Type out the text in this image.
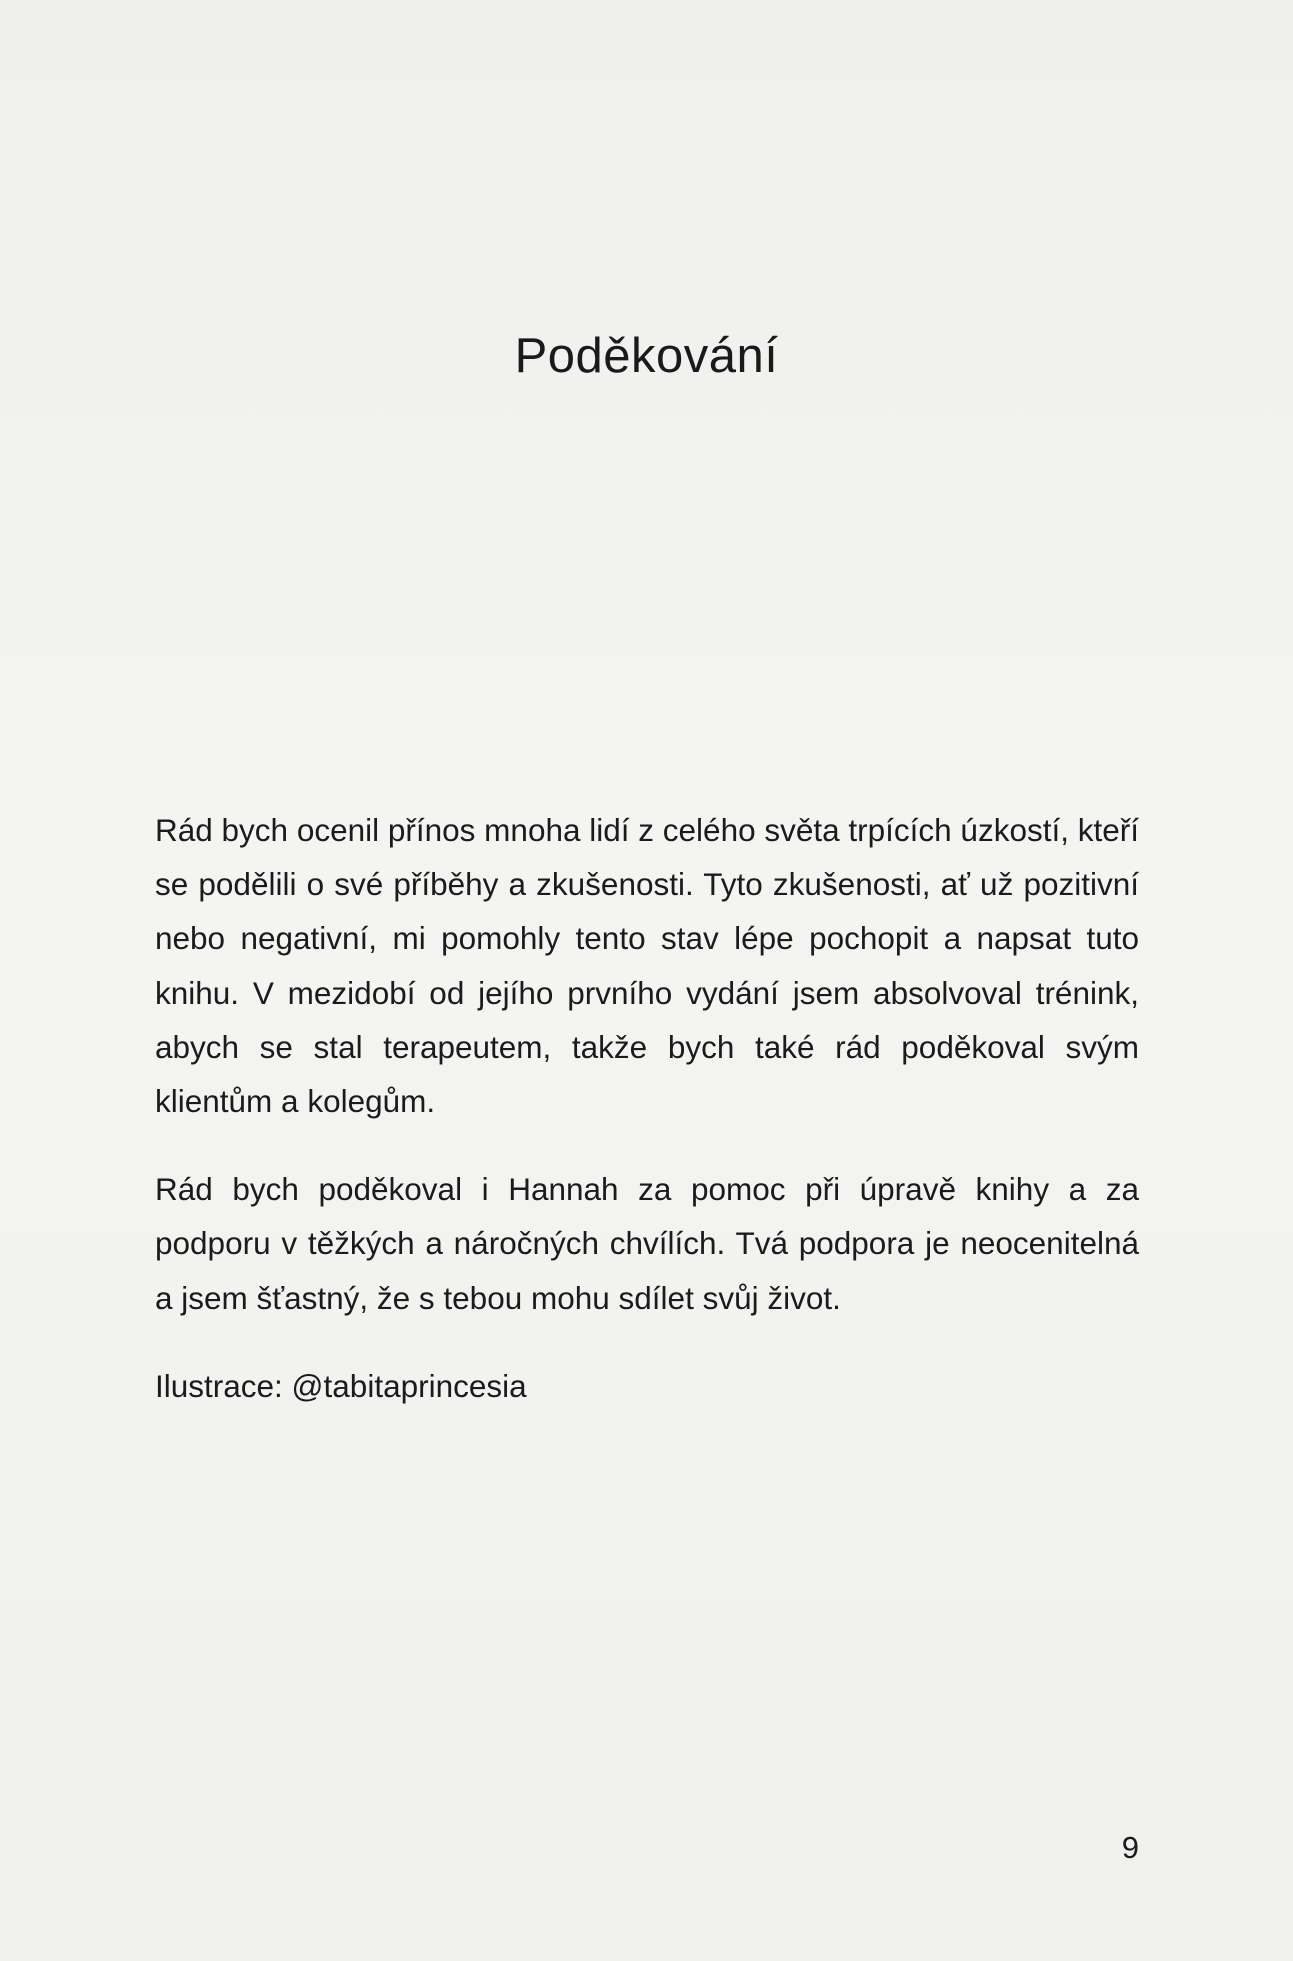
Poděkování

Rád bych ocenil přínos mnoha lidí z celého světa trpících úzkostí, kteří se podělili o své příběhy a zkušenosti. Tyto zkušenosti, ať už pozitivní nebo negativní, mi pomohly tento stav lépe pochopit a napsat tuto knihu. V mezidobí od jejího prvního vydání jsem absolvoval trénink, abych se stal terapeutem, takže bych také rád poděkoval svým klientům a kolegům.

Rád bych poděkoval i Hannah za pomoc při úpravě knihy a za podporu v těžkých a náročných chvílích. Tvá podpora je neocenitelná a jsem šťastný, že s tebou mohu sdílet svůj život.

Ilustrace: @tabitaprincesia

9
